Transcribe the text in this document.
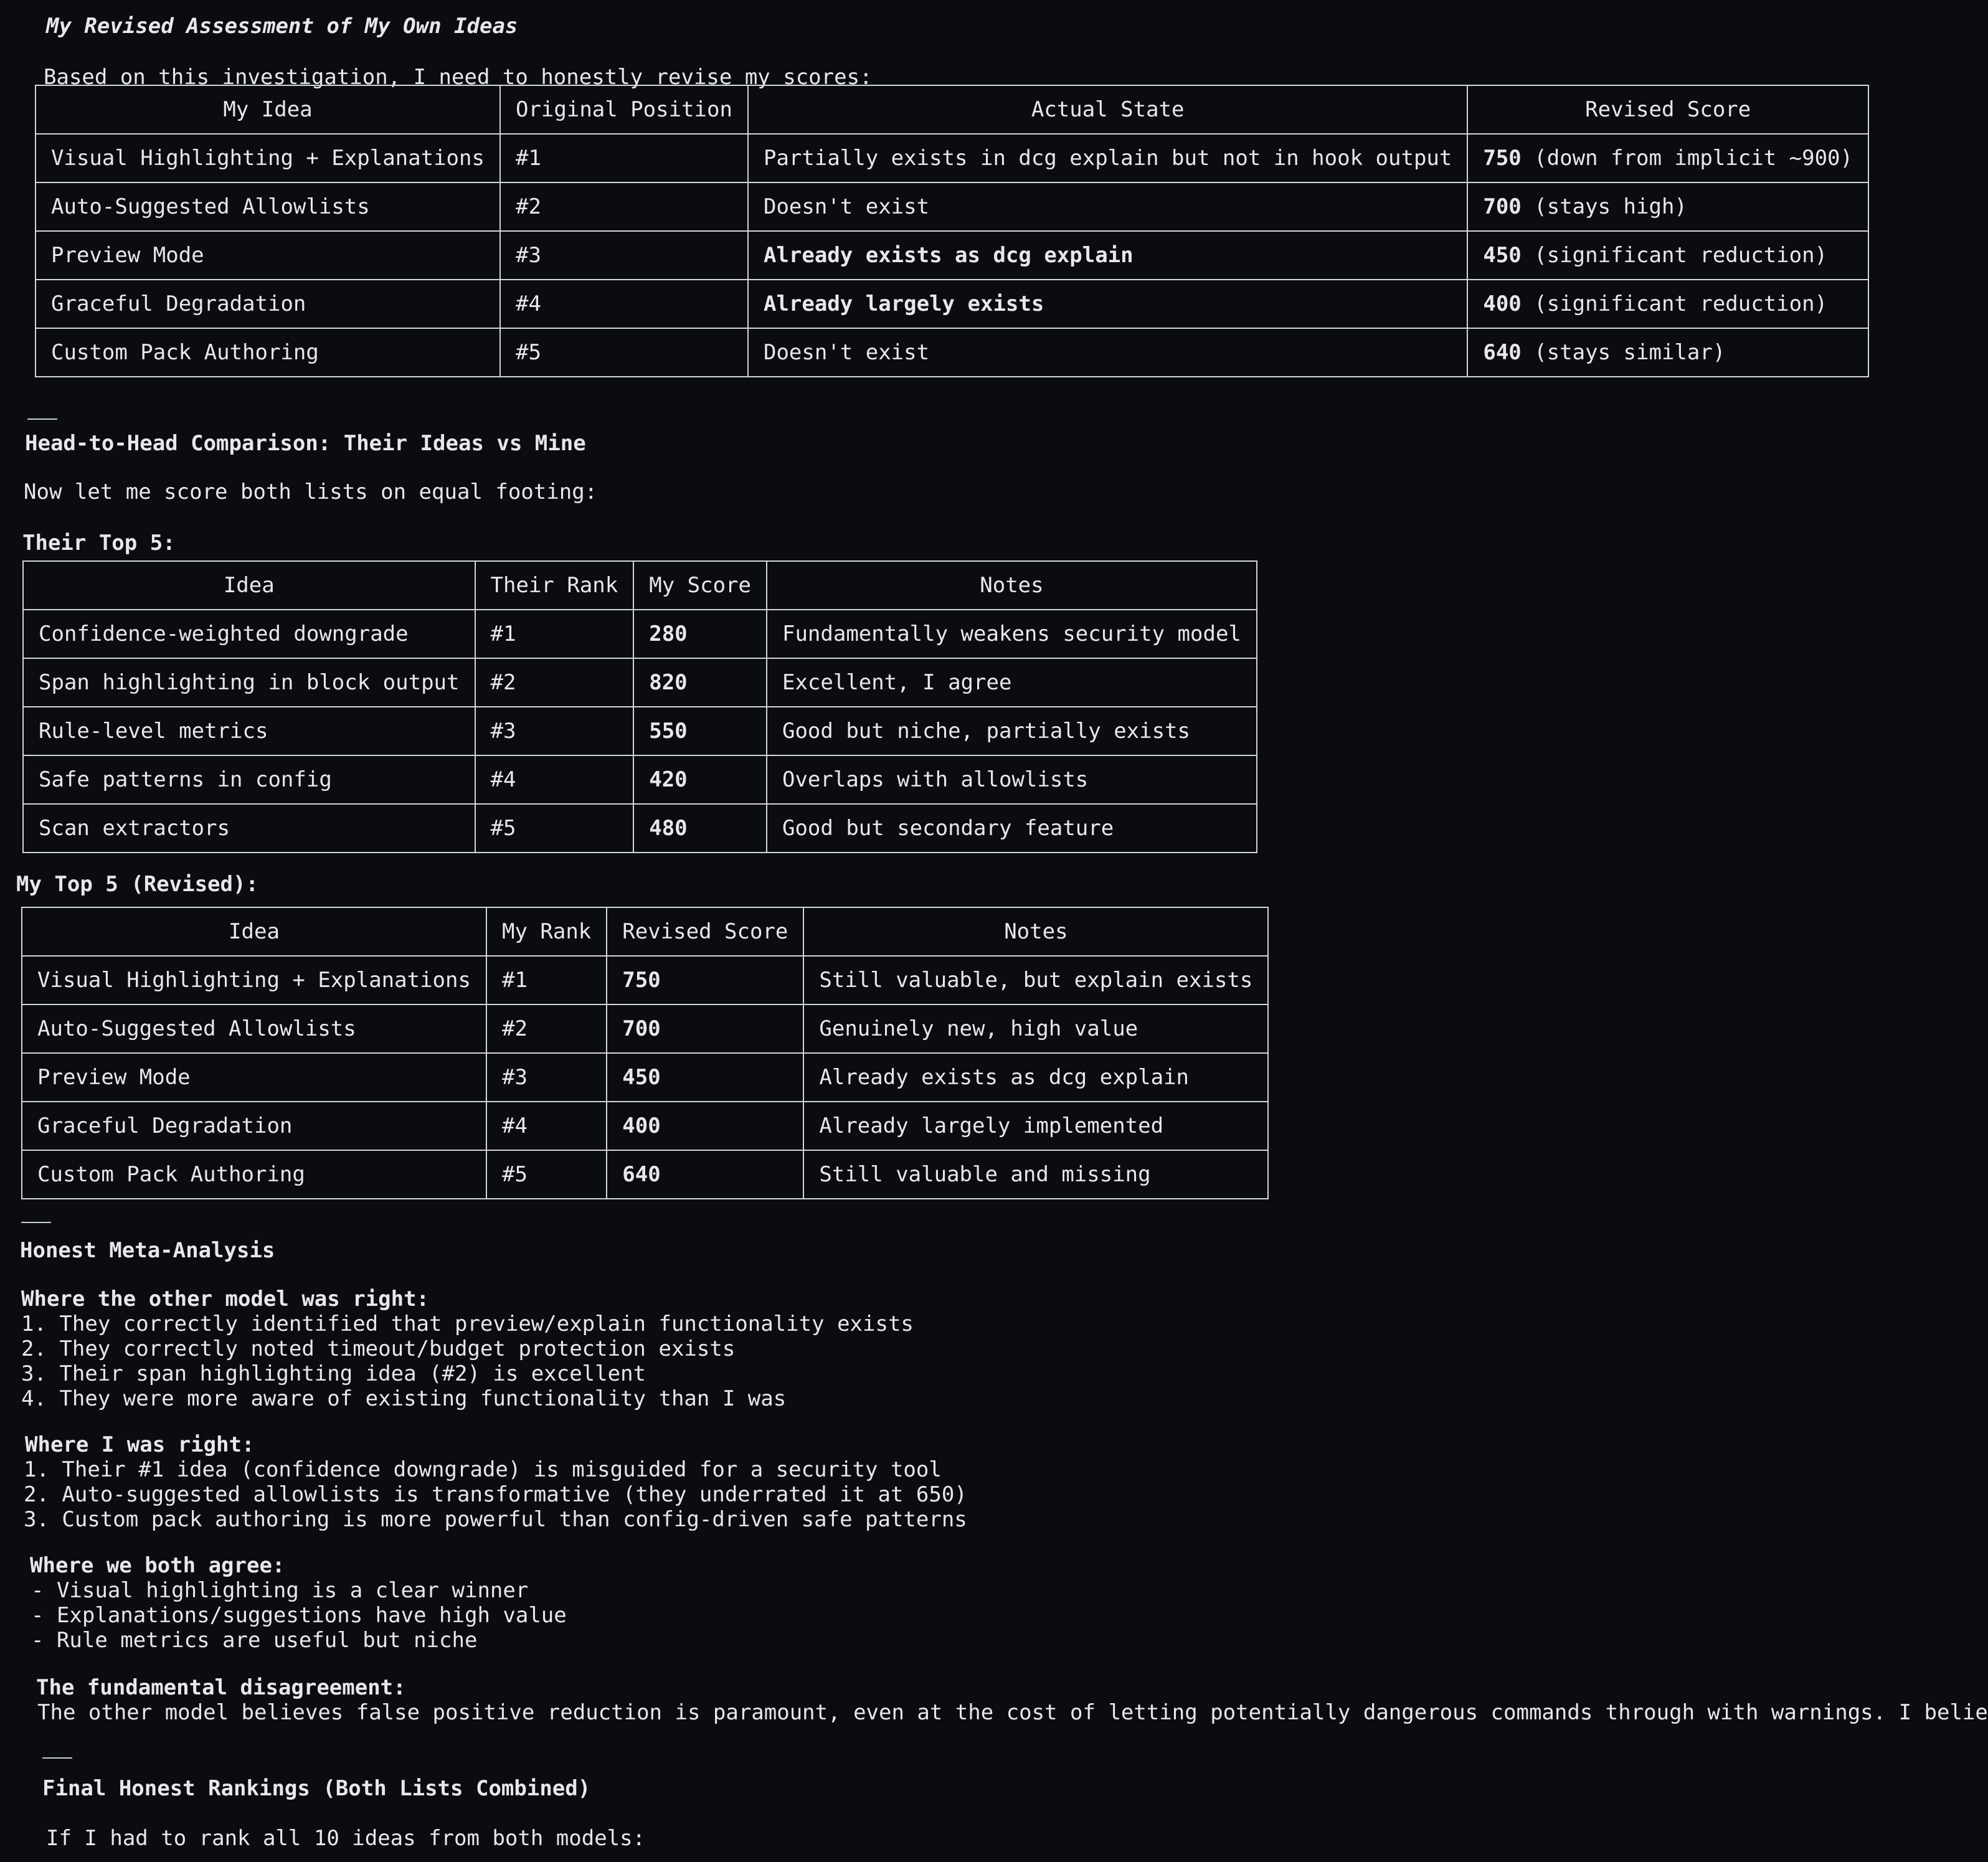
My Revised Assessment of My Own Ideas
Based on this investigation, I need to honestly revise my scores:
My Idea	Original Position	Actual State	Revised Score
Visual Highlighting + Explanations	#1	Partially exists in dcg explain but not in hook output	750 (down from implicit ~900)
Auto-Suggested Allowlists	#2	Doesn't exist	700 (stays high)
Preview Mode	#3	Already exists as dcg explain	450 (significant reduction)
Graceful Degradation	#4	Already largely exists	400 (significant reduction)
Custom Pack Authoring	#5	Doesn't exist	640 (stays similar)
Head-to-Head Comparison: Their Ideas vs Mine
Now let me score both lists on equal footing:
Their Top 5:
Idea	Their Rank	My Score	Notes
Confidence-weighted downgrade	#1	280	Fundamentally weakens security model
Span highlighting in block output	#2	820	Excellent, I agree
Rule-level metrics	#3	550	Good but niche, partially exists
Safe patterns in config	#4	420	Overlaps with allowlists
Scan extractors	#5	480	Good but secondary feature
My Top 5 (Revised):
Idea	My Rank	Revised Score	Notes
Visual Highlighting + Explanations	#1	750	Still valuable, but explain exists
Auto-Suggested Allowlists	#2	700	Genuinely new, high value
Preview Mode	#3	450	Already exists as dcg explain
Graceful Degradation	#4	400	Already largely implemented
Custom Pack Authoring	#5	640	Still valuable and missing
Honest Meta-Analysis
Where the other model was right:
1. They correctly identified that preview/explain functionality exists
2. They correctly noted timeout/budget protection exists
3. Their span highlighting idea (#2) is excellent
4. They were more aware of existing functionality than I was
Where I was right:
1. Their #1 idea (confidence downgrade) is misguided for a security tool
2. Auto-suggested allowlists is transformative (they underrated it at 650)
3. Custom pack authoring is more powerful than config-driven safe patterns
Where we both agree:
- Visual highlighting is a clear winner
- Explanations/suggestions have high value
- Rule metrics are useful but niche
The fundamental disagreement:
The other model believes false positive reduction is paramount, even at the cost of letting potentially dangerous commands through with warnings. I belie
Final Honest Rankings (Both Lists Combined)
If I had to rank all 10 ideas from both models:
